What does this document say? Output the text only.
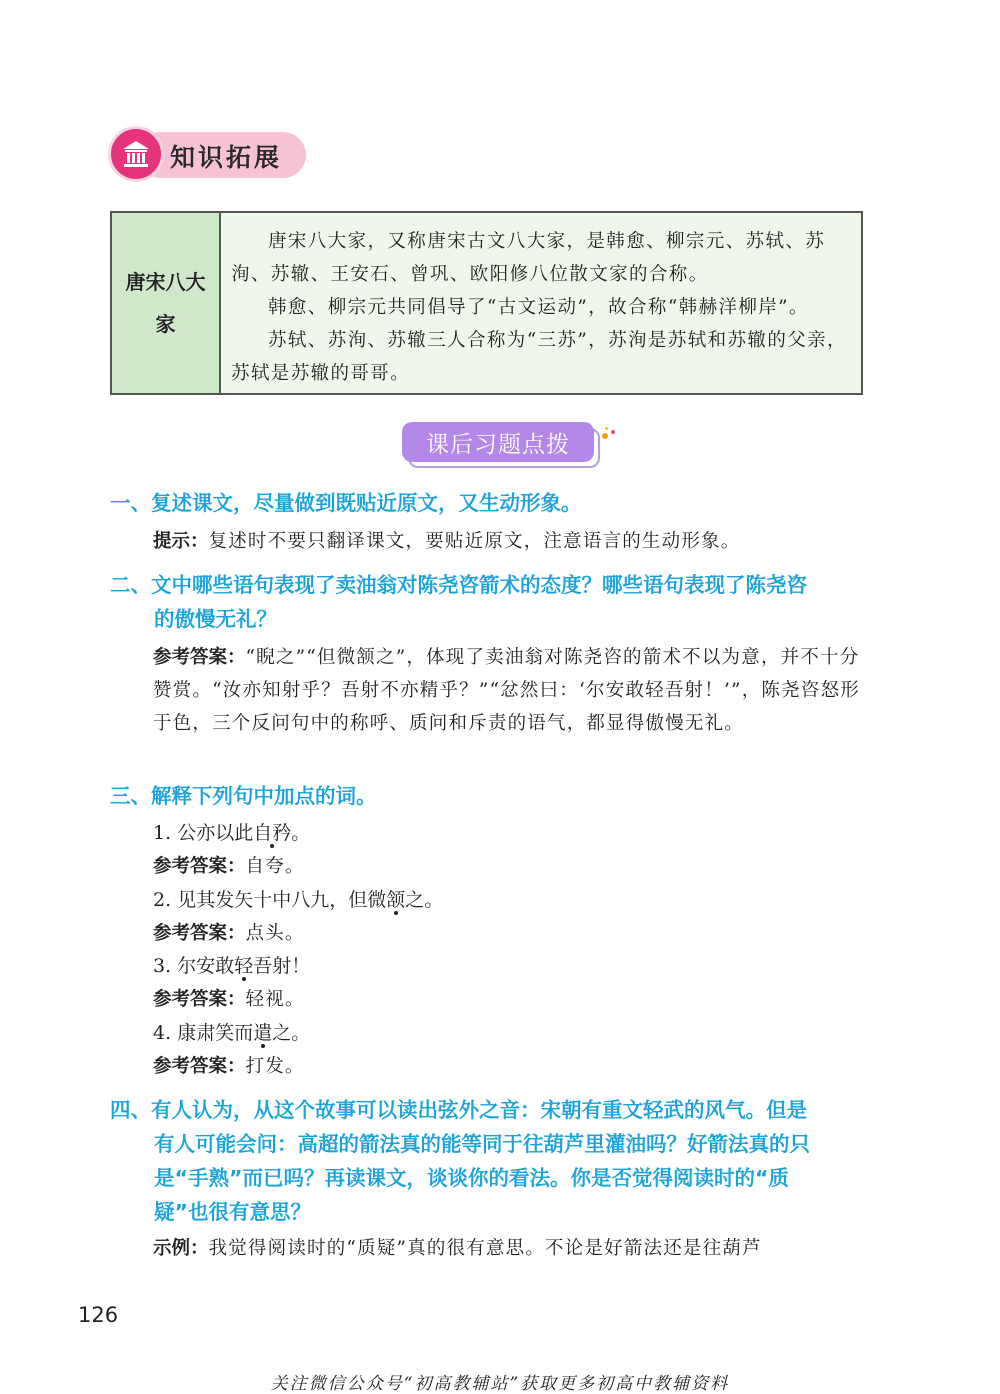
知识拓展
唐宋八大家

唐宋八大家，又称唐宋古文八大家，是韩愈、柳宗元、苏轼、苏洵、苏辙、王安石、曾巩、欧阳修八位散文家的合称。

韩愈、柳宗元共同倡导了“古文运动”，故合称“韩赫洋柳岸”。

苏轼、苏洵、苏辙三人合称为“三苏”，苏洵是苏轼和苏辙的父亲，苏轼是苏辙的哥哥。

课后习题点拨
一、复述课文，尽量做到既贴近原文，又生动形象。
提示：复述时不要只翻译课文，要贴近原文，注意语言的生动形象。
二、文中哪些语句表现了卖油翁对陈尧咨箭术的态度？哪些语句表现了陈尧咨
的傲慢无礼？
参考答案：“睨之”“但微颔之”，体现了卖油翁对陈尧咨的箭术不以为意，并不十分赞赏。“汝亦知射乎？吾射不亦精乎？”“忿然曰：‘尔安敢轻吾射！’”，陈尧咨怒形于色，三个反问句中的称呼、质问和斥责的语气，都显得傲慢无礼。
三、解释下列句中加点的词。
1. 公亦以此自矜。
参考答案：自夸。
2. 见其发矢十中八九，但微颔之。
参考答案：点头。
3. 尔安敢轻吾射！
参考答案：轻视。
4. 康肃笑而遣之。
参考答案：打发。
四、有人认为，从这个故事可以读出弦外之音：宋朝有重文轻武的风气。但是
有人可能会问：高超的箭法真的能等同于往葫芦里灌油吗？好箭法真的只
是“手熟”而已吗？再读课文，谈谈你的看法。你是否觉得阅读时的“质
疑”也很有意思？
示例：我觉得阅读时的“质疑”真的很有意思。不论是好箭法还是往葫芦
126
关注微信公众号“初高教辅站”获取更多初高中教辅资料
